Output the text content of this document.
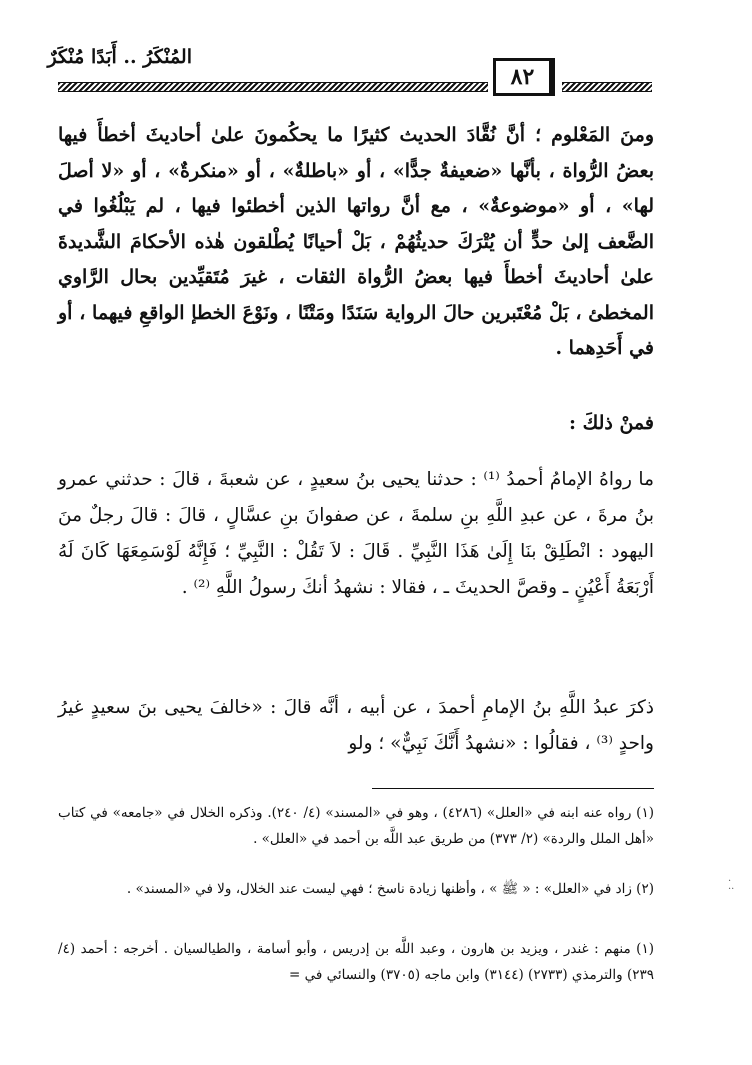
المُنْكَرُ .. أَبَدًا مُنْكَرٌ
٨٢
ومنَ المَعْلوم ؛ أنَّ نُقَّادَ الحديث كثيرًا ما يحكُمونَ علىٰ أحاديثَ أخطأَ فيها بعضُ الرُّواة ، بأنَّها «ضعيفةٌ جدًّا» ، أو «باطلةٌ» ، أو «منكرةٌ» ، أو «لا أصلَ لها» ، أو «موضوعةٌ» ، مع أنَّ رواتها الذين أخطئوا فيها ، لم يَبْلُغُوا في الضَّعف إلىٰ حدٍّ أن يُتْرَكَ حديثُهُمْ ، بَلْ أحيانًا يُطْلقون هٰذه الأحكامَ الشَّديدةَ علىٰ أحاديثَ أخطأَ فيها بعضُ الرُّواة الثقات ، غيرَ مُتَقيِّدين بحال الرَّاوي المخطئ ، بَلْ مُعْتَبرين حالَ الرواية سَنَدًا ومَتْنًا ، ونَوْعَ الخطإ الواقعِ فيهما ، أو في أَحَدِهما .
فمنْ ذلكَ :
ما رواهُ الإمامُ أحمدُ ⁽¹⁾ : حدثنا يحيى بنُ سعيدٍ ، عن شعبةَ ، قالَ : حدثني عمرو بنُ مرةَ ، عن عبدِ اللَّهِ بنِ سلمةَ ، عن صفوانَ بنِ عسَّالٍ ، قالَ : قالَ رجلٌ منَ اليهود : انْطَلِقْ بنَا إِلَىٰ هَذَا النَّبِيِّ . قَالَ : لاَ تَقُلْ : النَّبِيِّ ؛ فَإِنَّهُ لَوْسَمِعَهَا كَانَ لَهُ أَرْبَعَةُ أَعْيُنٍ ـ وقصَّ الحديثَ ـ ، فقالا : نشهدُ أنكَ رسولُ اللَّهِ ⁽²⁾ .
ذكرَ عبدُ اللَّهِ بنُ الإمامِ أحمدَ ، عن أبيه ، أنَّه قالَ : «خالفَ يحيى بنَ سعيدٍ غيرُ واحدٍ ⁽³⁾ ، فقالُوا : «نشهدُ أَنَّكَ نَبِيٌّ» ؛ ولو
(١) رواه عنه ابنه في «العلل» (٤٢٨٦) ، وهو في «المسند» (٤/ ٢٤٠). وذكره الخلال في «جامعه» في كتاب «أهل الملل والردة» (٢/ ٣٧٣) من طريق عبد اللَّه بن أحمد في «العلل» .
(٢) زاد في «العلل» : « ﷺ » ، وأظنها زيادة ناسخ ؛ فهي ليست عند الخلال، ولا في «المسند» .
(١) منهم : غندر ، ويزيد بن هارون ، وعبد اللَّه بن إدريس ، وأبو أسامة ، والطيالسيان . أخرجه : أحمد (٤/ ٢٣٩) والترمذي (٢٧٣٣) (٣١٤٤) وابن ماجه (٣٧٠٥) والنسائي في =
·
··
